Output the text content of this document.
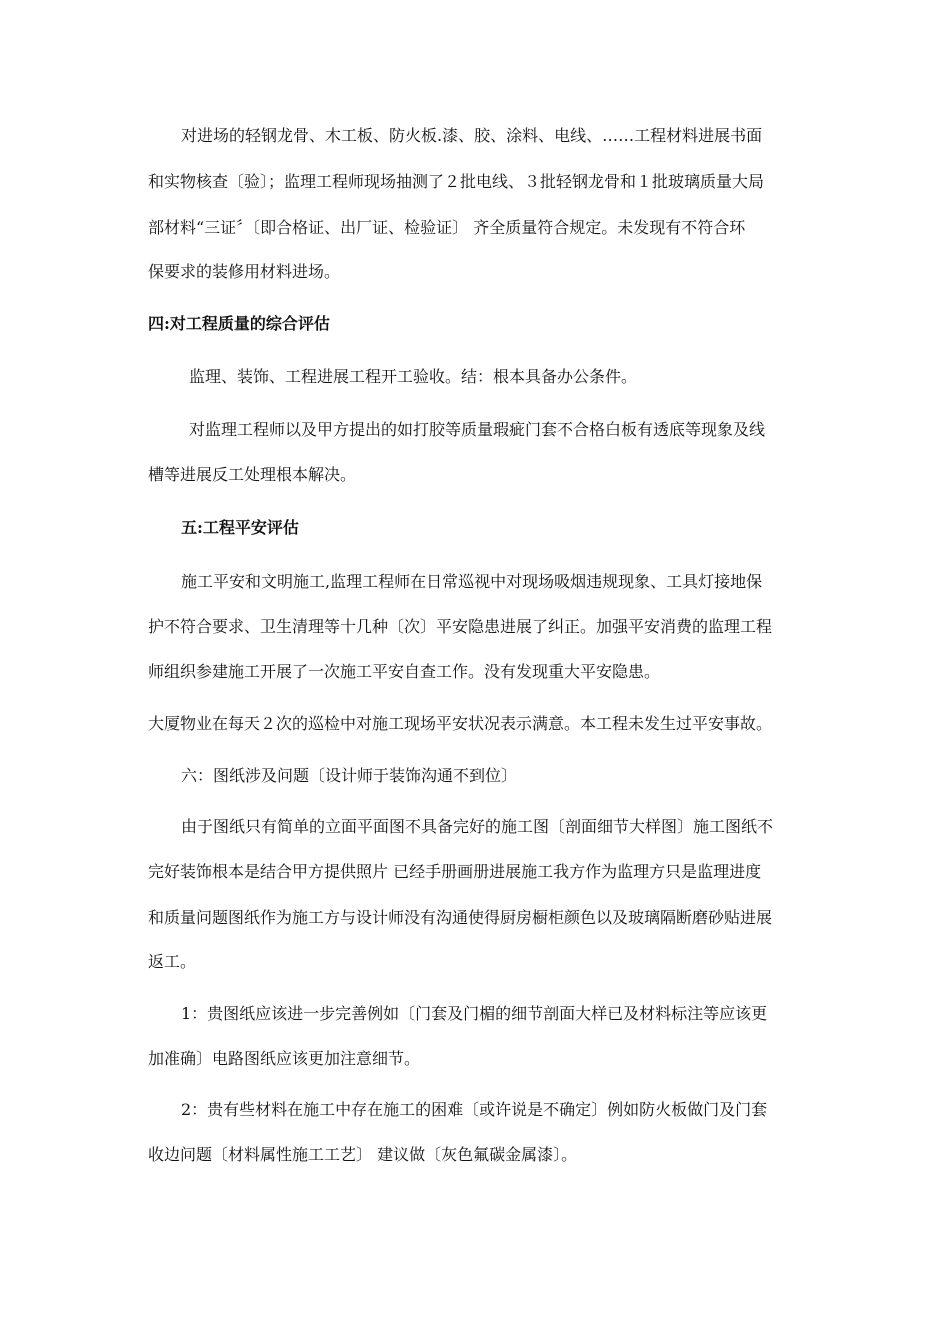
对进场的轻钢龙骨、木工板、防火板.漆、胶、涂料、电线、……工程材料进展书面
和实物核查〔验〕；监理工程师现场抽测了２批电线、３批轻钢龙骨和１批玻璃质量大局
部材料“三证〞〔即合格证、出厂证、检验证〕 齐全质量符合规定。未发现有不符合环
保要求的装修用材料进场。
四:对工程质量的综合评估
监理、装饰、工程进展工程开工验收。结：根本具备办公条件。
对监理工程师以及甲方提出的如打胶等质量瑕疵门套不合格白板有透底等现象及线
槽等进展反工处理根本解决。
五:工程平安评估
施工平安和文明施工,监理工程师在日常巡视中对现场吸烟违规现象、工具灯接地保
护不符合要求、卫生清理等十几种〔次〕平安隐患进展了纠正。加强平安消费的监理工程
师组织参建施工开展了一次施工平安自查工作。没有发现重大平安隐患。
大厦物业在每天２次的巡检中对施工现场平安状况表示满意。本工程未发生过平安事故。
六：图纸涉及问题〔设计师于装饰沟通不到位〕
由于图纸只有简单的立面平面图不具备完好的施工图〔剖面细节大样图〕施工图纸不
完好装饰根本是结合甲方提供照片 已经手册画册进展施工我方作为监理方只是监理进度
和质量问题图纸作为施工方与设计师没有沟通使得厨房橱柜颜色以及玻璃隔断磨砂贴进展
返工。
1：贵图纸应该进一步完善例如〔门套及门楣的细节剖面大样已及材料标注等应该更
加准确〕电路图纸应该更加注意细节。
2：贵有些材料在施工中存在施工的困难〔或许说是不确定〕例如防火板做门及门套
收边问题〔材料属性施工工艺〕 建议做〔灰色氟碳金属漆〕。
